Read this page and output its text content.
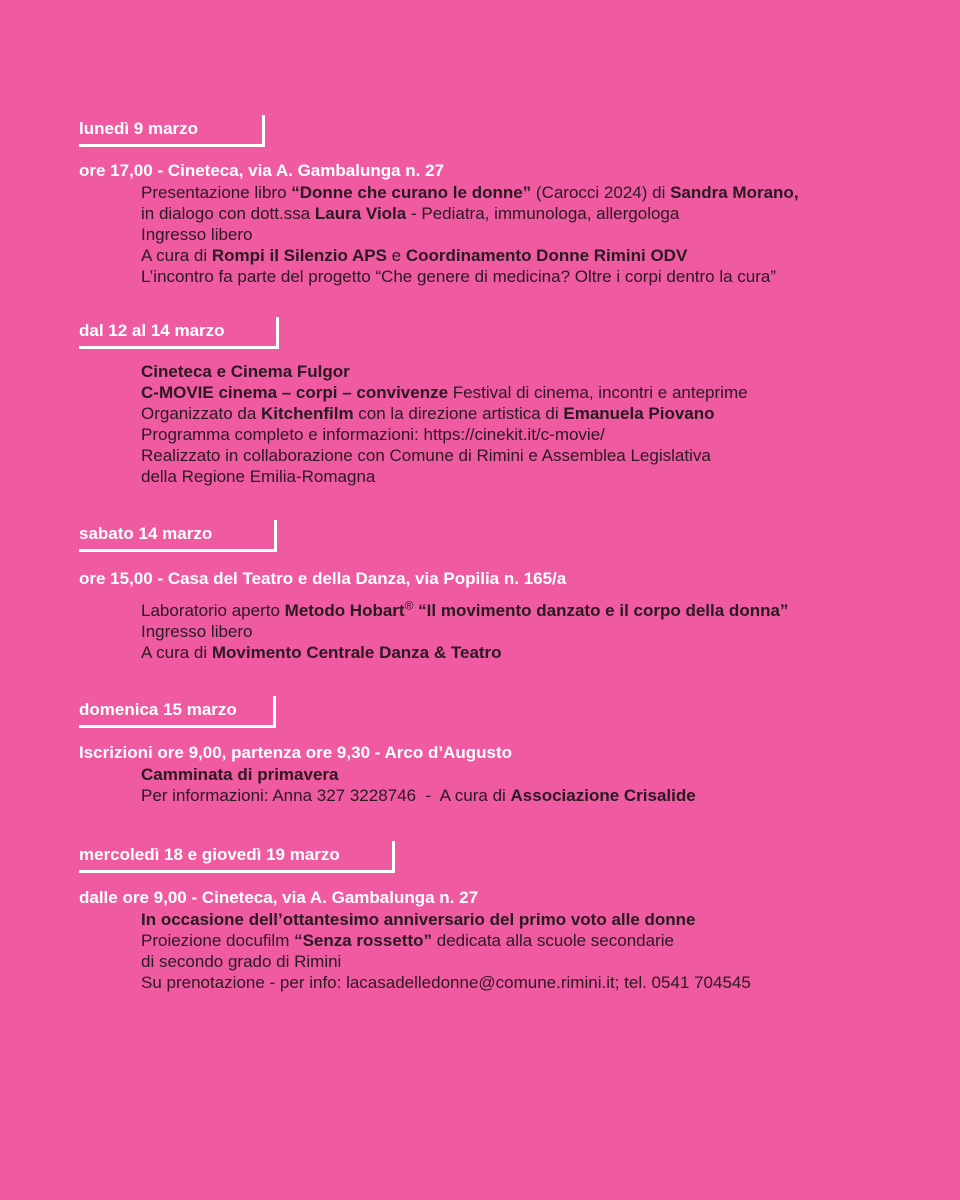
lunedì 9 marzo
ore 17,00 - Cineteca, via A. Gambalunga n. 27
Presentazione libro “Donne che curano le donne” (Carocci 2024) di Sandra Morano,
in dialogo con dott.ssa Laura Viola - Pediatra, immunologa, allergologa
Ingresso libero
A cura di Rompi il Silenzio APS e Coordinamento Donne Rimini ODV
L’incontro fa parte del progetto “Che genere di medicina? Oltre i corpi dentro la cura”
dal 12 al 14 marzo
Cineteca e Cinema Fulgor
C-MOVIE cinema – corpi – convivenze Festival di cinema, incontri e anteprime
Organizzato da Kitchenfilm con la direzione artistica di Emanuela Piovano
Programma completo e informazioni: https://cinekit.it/c-movie/
Realizzato in collaborazione con Comune di Rimini e Assemblea Legislativa
della Regione Emilia-Romagna
sabato 14 marzo
ore 15,00 - Casa del Teatro e della Danza, via Popilia n. 165/a
Laboratorio aperto Metodo Hobart® “Il movimento danzato e il corpo della donna”
Ingresso libero
A cura di Movimento Centrale Danza & Teatro
domenica 15 marzo
Iscrizioni ore 9,00, partenza ore 9,30 - Arco d’Augusto
Camminata di primavera
Per informazioni: Anna 327 3228746  -  A cura di Associazione Crisalide
mercoledì 18 e giovedì 19 marzo
dalle ore 9,00 - Cineteca, via A. Gambalunga n. 27
In occasione dell’ottantesimo anniversario del primo voto alle donne
Proiezione docufilm “Senza rossetto” dedicata alla scuole secondarie
di secondo grado di Rimini
Su prenotazione - per info: lacasadelledonne@comune.rimini.it; tel. 0541 704545
